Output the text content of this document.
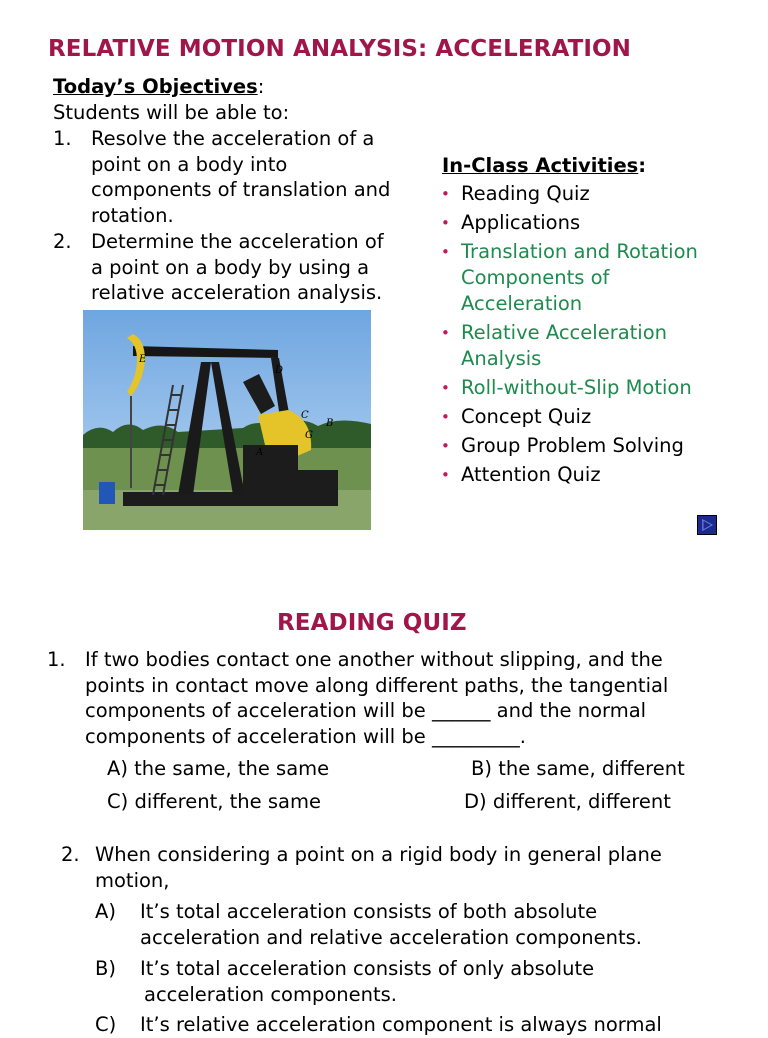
RELATIVE MOTION ANALYSIS: ACCELERATION
Today’s Objectives:
Students will be able to:
1. Resolve the acceleration of a
point on a body into
components of translation and
rotation.
2. Determine the acceleration of
a point on a body by using a
relative acceleration analysis.
In-Class Activities:
• Reading Quiz
• Applications
• Translation and Rotation
Components of
Acceleration
• Relative Acceleration
Analysis
• Roll-without-Slip Motion
• Concept Quiz
• Group Problem Solving
• Attention Quiz
E
D
C
B
A
G
READING QUIZ
1. If two bodies contact one another without slipping, and the
points in contact move along different paths, the tangential
components of acceleration will be ______ and the normal
components of acceleration will be _________.
A) the same, the same	B) the same, different
C) different, the same	D) different, different
2. When considering a point on a rigid body in general plane
motion,
A) It’s total acceleration consists of both absolute
acceleration and relative acceleration components.
B) It’s total acceleration consists of only absolute
acceleration components.
C) It’s relative acceleration component is always normal
